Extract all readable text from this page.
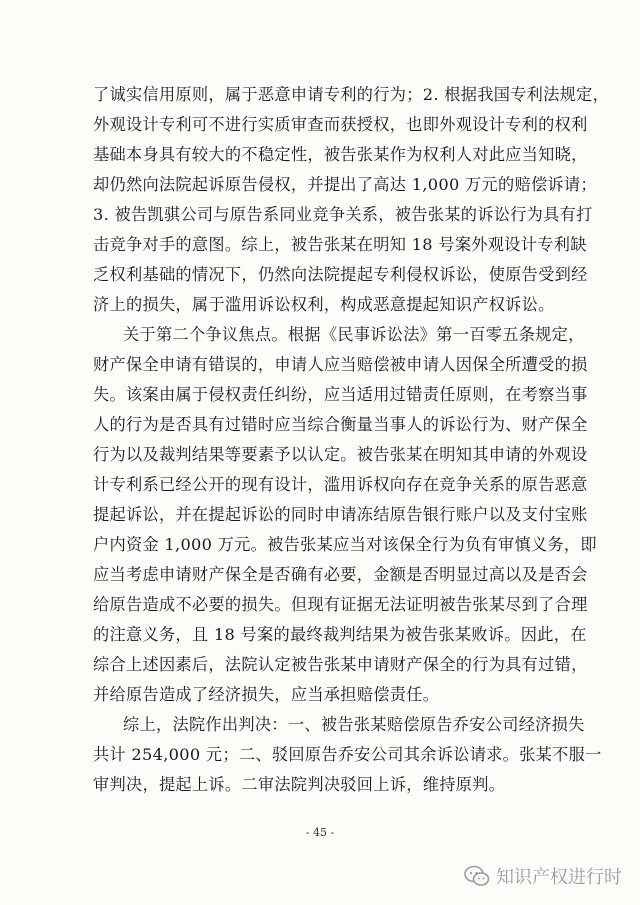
了诚实信用原则，属于恶意申请专利的行为；2. 根据我国专利法规定，
外观设计专利可不进行实质审查而获授权，也即外观设计专利的权利
基础本身具有较大的不稳定性，被告张某作为权利人对此应当知晓，
却仍然向法院起诉原告侵权，并提出了高达 1,000 万元的赔偿诉请；
3. 被告凯骐公司与原告系同业竞争关系，被告张某的诉讼行为具有打
击竞争对手的意图。综上，被告张某在明知 18 号案外观设计专利缺
乏权利基础的情况下，仍然向法院提起专利侵权诉讼，使原告受到经
济上的损失，属于滥用诉讼权利，构成恶意提起知识产权诉讼。
关于第二个争议焦点。根据《民事诉讼法》第一百零五条规定，
财产保全申请有错误的，申请人应当赔偿被申请人因保全所遭受的损
失。该案由属于侵权责任纠纷，应当适用过错责任原则，在考察当事
人的行为是否具有过错时应当综合衡量当事人的诉讼行为、财产保全
行为以及裁判结果等要素予以认定。被告张某在明知其申请的外观设
计专利系已经公开的现有设计，滥用诉权向存在竞争关系的原告恶意
提起诉讼，并在提起诉讼的同时申请冻结原告银行账户以及支付宝账
户内资金 1,000 万元。被告张某应当对该保全行为负有审慎义务，即
应当考虑申请财产保全是否确有必要，金额是否明显过高以及是否会
给原告造成不必要的损失。但现有证据无法证明被告张某尽到了合理
的注意义务，且 18 号案的最终裁判结果为被告张某败诉。因此，在
综合上述因素后，法院认定被告张某申请财产保全的行为具有过错，
并给原告造成了经济损失，应当承担赔偿责任。
综上，法院作出判决：一、被告张某赔偿原告乔安公司经济损失
共计 254,000 元；二、驳回原告乔安公司其余诉讼请求。张某不服一
审判决，提起上诉。二审法院判决驳回上诉，维持原判。
- 45 -
知识产权进行时
